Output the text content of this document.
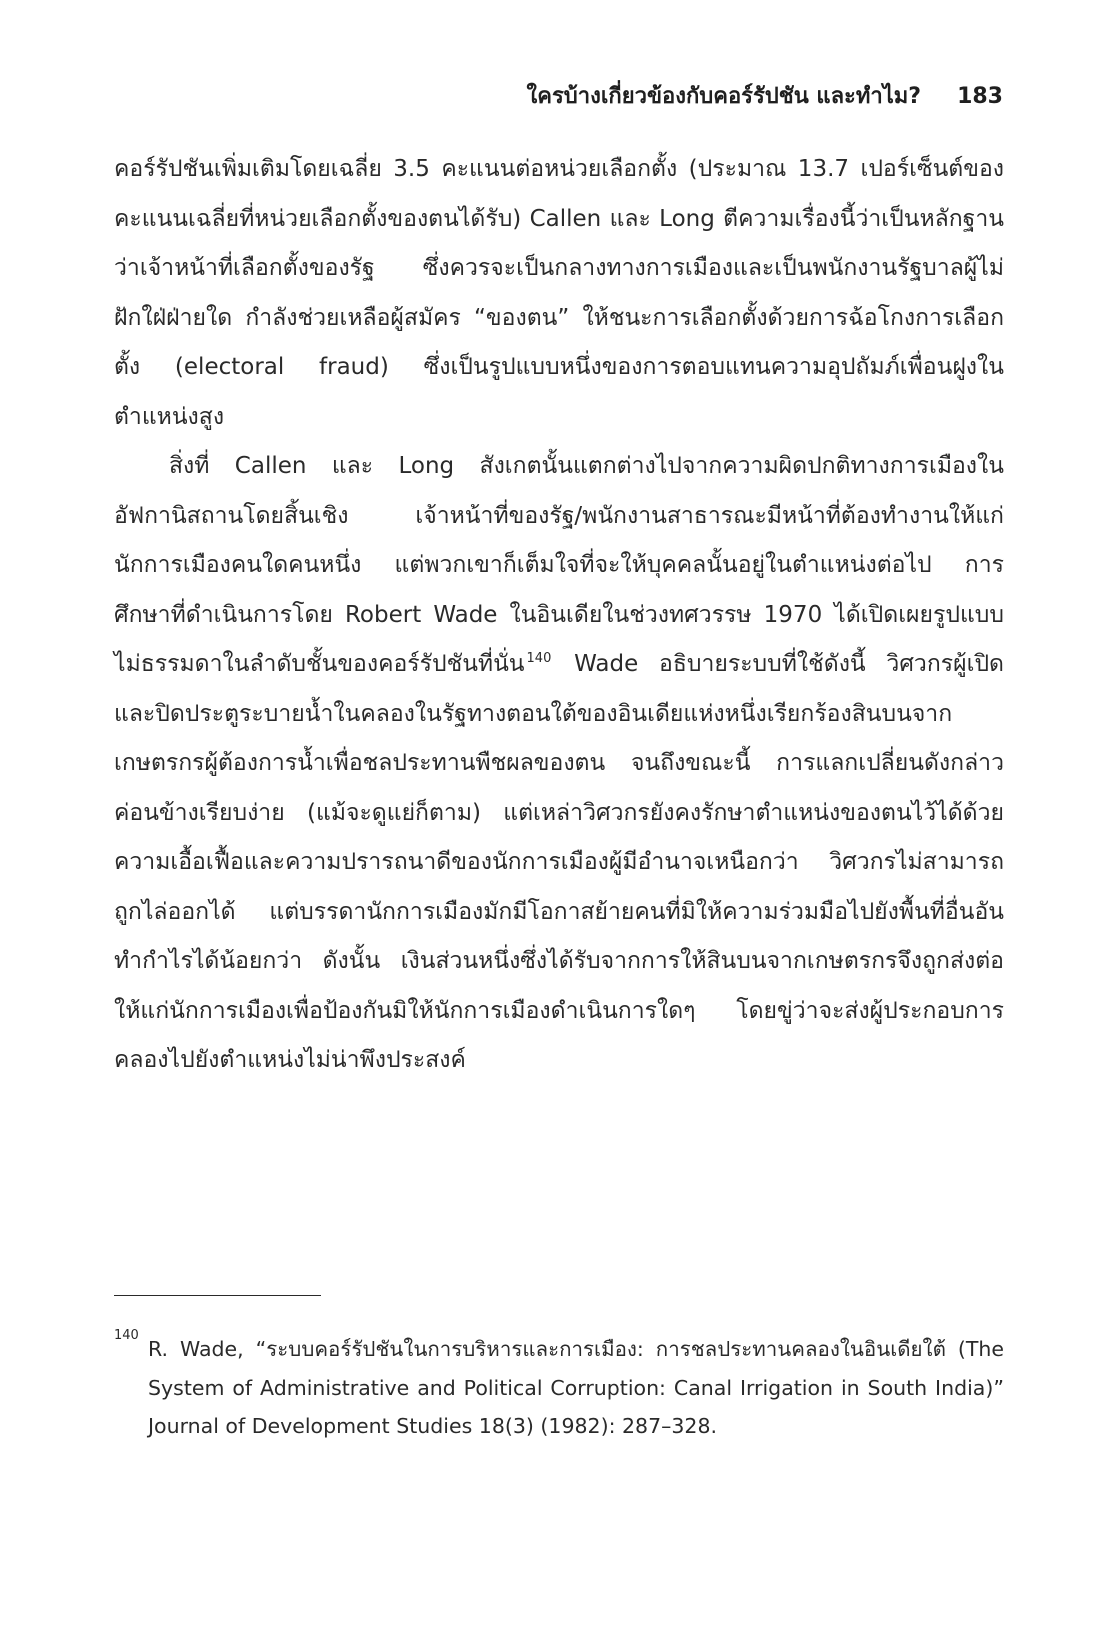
ใครบ้างเกี่ยวข้องกับคอร์รัปชัน และทำไม? 183

คอร์รัปชันเพิ่มเติมโดยเฉลี่ย 3.5 คะแนนต่อหน่วยเลือกตั้ง (ประมาณ 13.7 เปอร์เซ็นต์ของคะแนนเฉลี่ยที่หน่วยเลือกตั้งของตนได้รับ) Callen และ Long ตีความเรื่องนี้ว่าเป็นหลักฐานว่าเจ้าหน้าที่เลือกตั้งของรัฐ ซึ่งควรจะเป็นกลางทางการเมืองและเป็นพนักงานรัฐบาลผู้ไม่ฝักใฝ่ฝ่ายใด กำลังช่วยเหลือผู้สมัคร “ของตน” ให้ชนะการเลือกตั้งด้วยการฉ้อโกงการเลือกตั้ง (electoral fraud) ซึ่งเป็นรูปแบบหนึ่งของการตอบแทนความอุปถัมภ์เพื่อนฝูงในตำแหน่งสูง

สิ่งที่ Callen และ Long สังเกตนั้นแตกต่างไปจากความผิดปกติทางการเมืองในอัฟกานิสถานโดยสิ้นเชิง เจ้าหน้าที่ของรัฐ/พนักงานสาธารณะมีหน้าที่ต้องทำงานให้แก่นักการเมืองคนใดคนหนึ่ง แต่พวกเขาก็เต็มใจที่จะให้บุคคลนั้นอยู่ในตำแหน่งต่อไป การศึกษาที่ดำเนินการโดย Robert Wade ในอินเดียในช่วงทศวรรษ 1970 ได้เปิดเผยรูปแบบไม่ธรรมดาในลำดับชั้นของคอร์รัปชันที่นั่น $^{140}$ Wade อธิบายระบบที่ใช้ดังนี้ วิศวกรผู้เปิดและปิดประตูระบายน้ำในคลองในรัฐทางตอนใต้ของอินเดียแห่งหนึ่งเรียกร้องสินบนจากเกษตรกรผู้ต้องการน้ำเพื่อชลประทานพืชผลของตน จนถึงขณะนี้ การแลกเปลี่ยนดังกล่าวค่อนข้างเรียบง่าย (แม้จะดูแย่ก็ตาม) แต่เหล่าวิศวกรยังคงรักษาตำแหน่งของตนไว้ได้ด้วยความเอื้อเฟื้อและความปรารถนาดีของนักการเมืองผู้มีอำนาจเหนือกว่า วิศวกรไม่สามารถถูกไล่ออกได้ แต่บรรดานักการเมืองมักมีโอกาสย้ายคนที่มิให้ความร่วมมือไปยังพื้นที่อื่นอันทำกำไรได้น้อยกว่า ดังนั้น เงินส่วนหนึ่งซึ่งได้รับจากการให้สินบนจากเกษตรกรจึงถูกส่งต่อให้แก่นักการเมืองเพื่อป้องกันมิให้นักการเมืองดำเนินการใดๆ โดยขู่ว่าจะส่งผู้ประกอบการคลองไปยังตำแหน่งไม่น่าพึงประสงค์

140
R. Wade, “ระบบคอร์รัปชันในการบริหารและการเมือง: การชลประทานคลองในอินเดียใต้ (The System of Administrative and Political Corruption: Canal Irrigation in South India)” Journal of Development Studies 18(3) (1982): 287–328.
